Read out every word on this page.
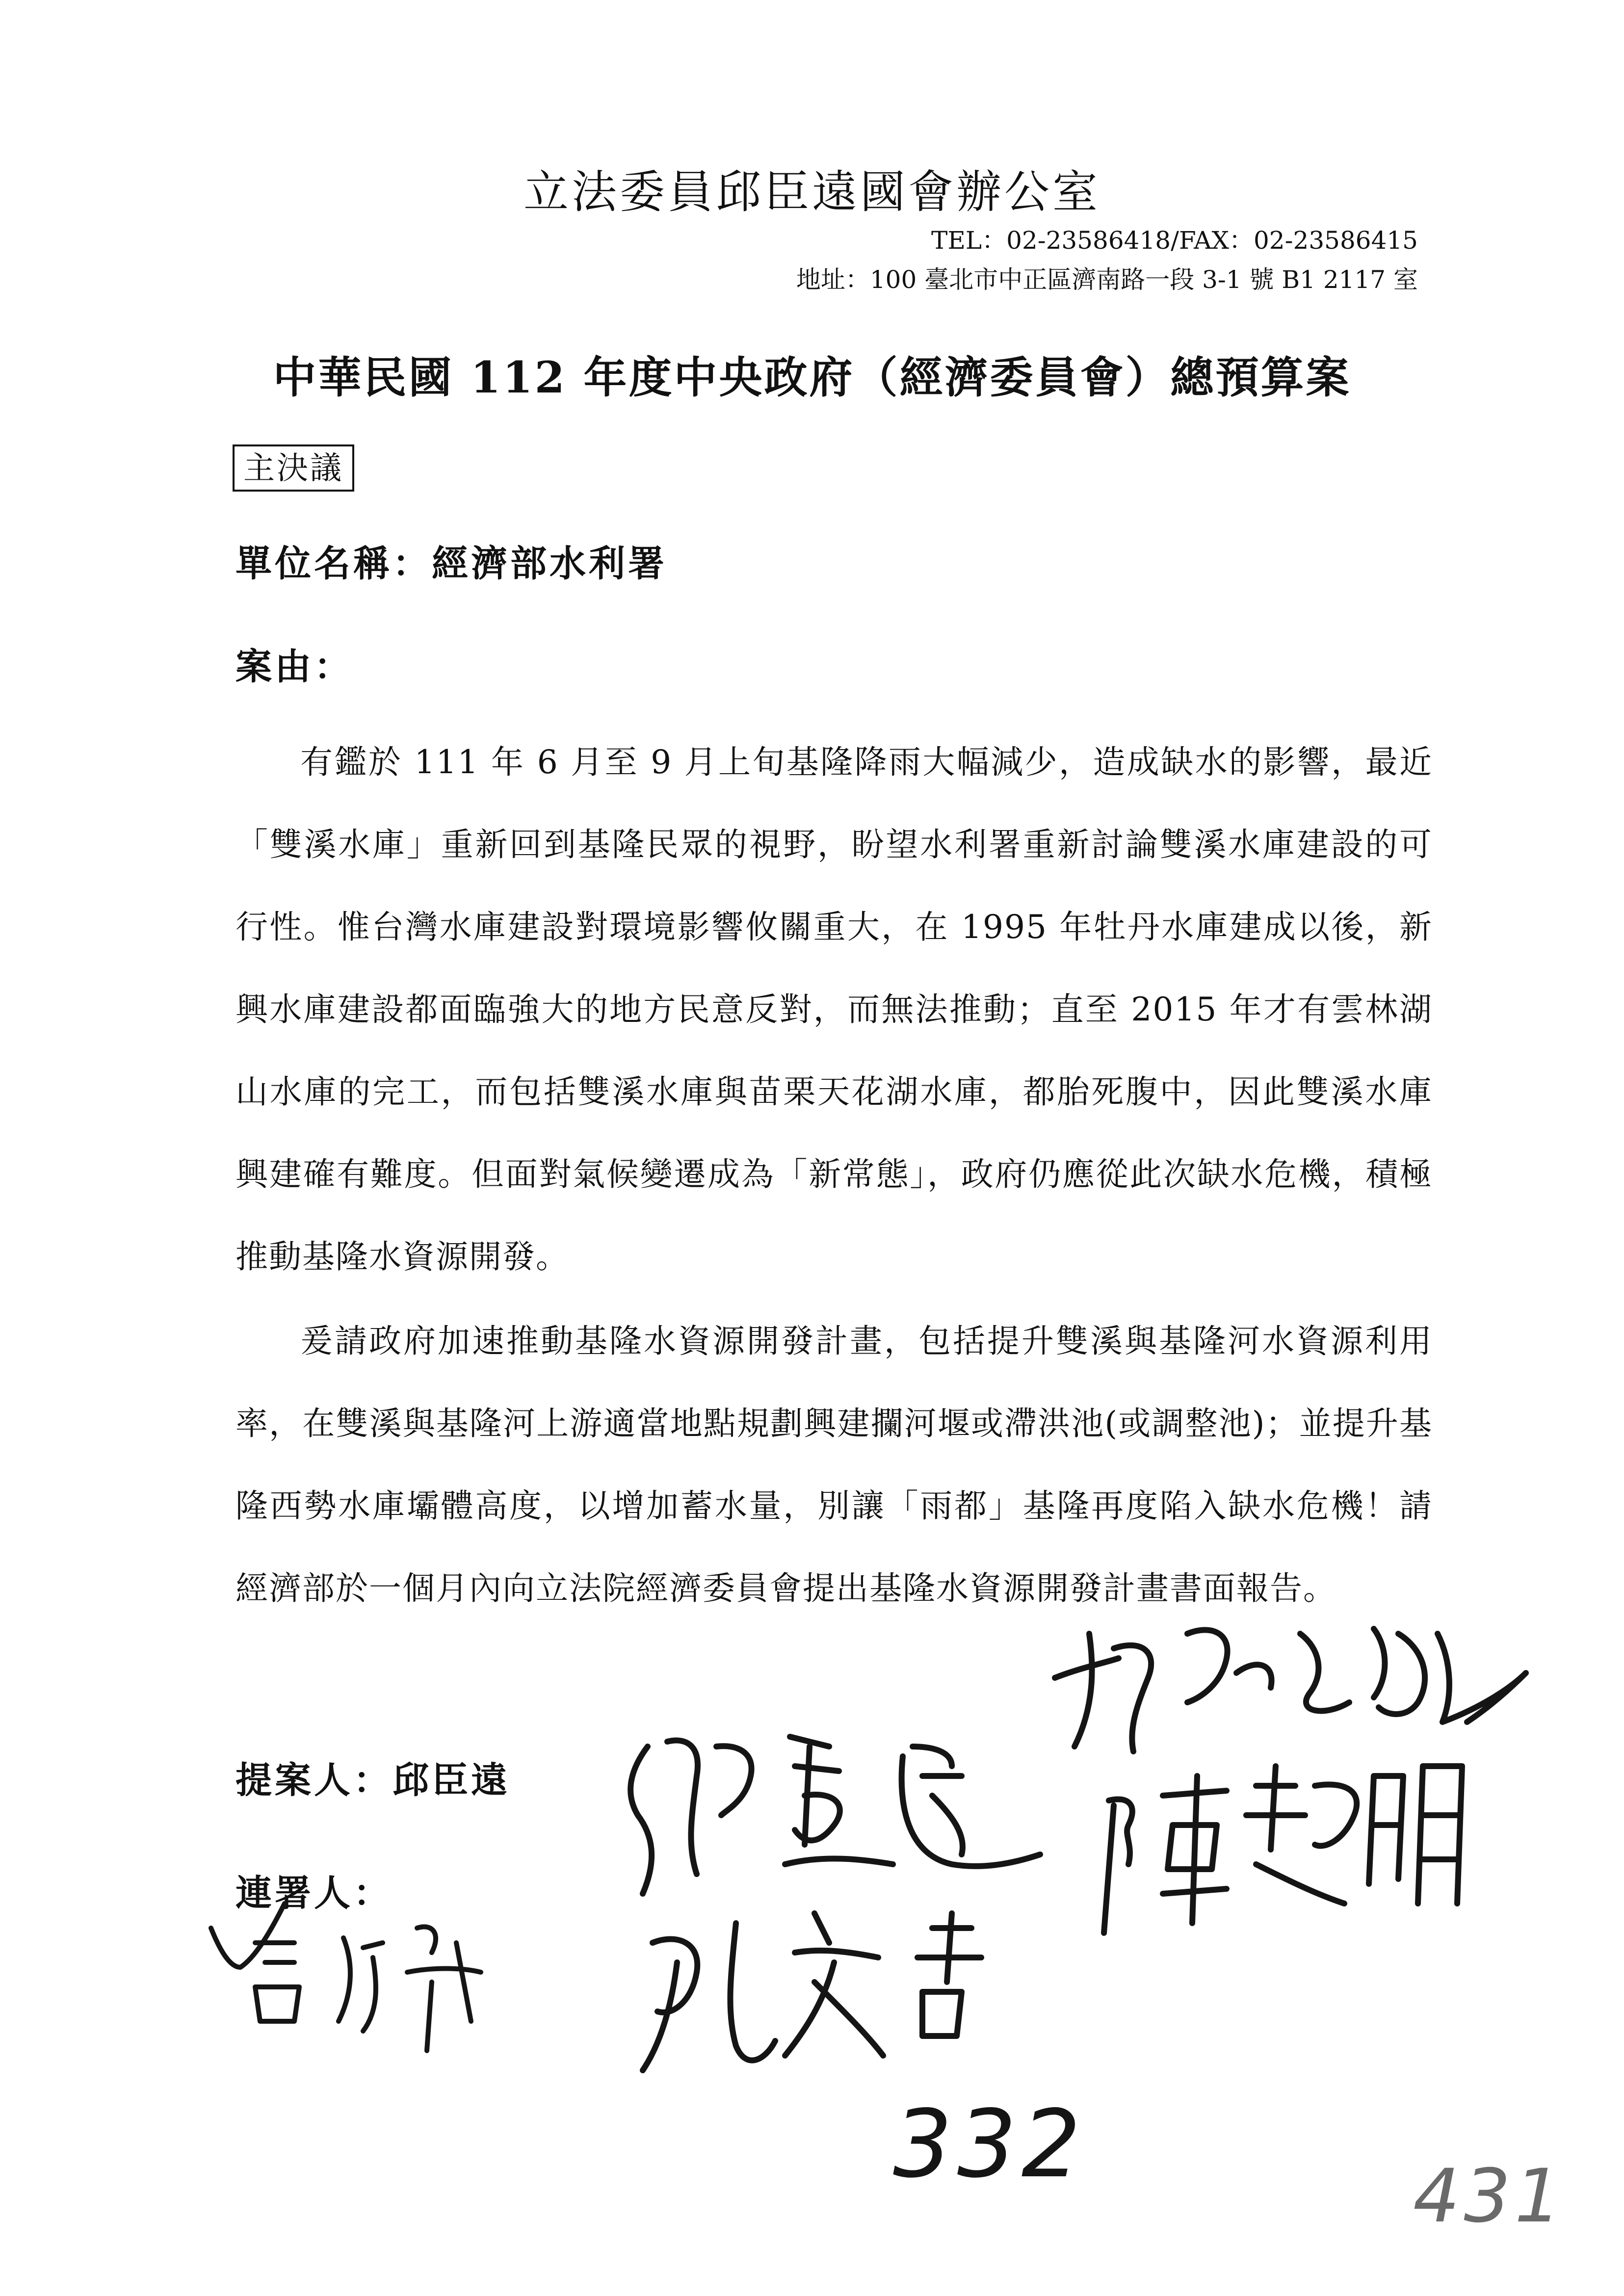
立法委員邱臣遠國會辦公室
TEL：02-23586418/FAX：02-23586415
地址：100 臺北市中正區濟南路一段 3-1 號 B1 2117 室
中華民國 112 年度中央政府（經濟委員會）總預算案
主決議
單位名稱：經濟部水利署
案由：
有鑑於 111 年 6 月至 9 月上旬基隆降雨大幅減少，造成缺水的影響，最近「雙溪水庫」重新回到基隆民眾的視野，盼望水利署重新討論雙溪水庫建設的可行性。惟台灣水庫建設對環境影響攸關重大，在 1995 年牡丹水庫建成以後，新興水庫建設都面臨強大的地方民意反對，而無法推動；直至 2015 年才有雲林湖山水庫的完工，而包括雙溪水庫與苗栗天花湖水庫，都胎死腹中，因此雙溪水庫興建確有難度。但面對氣候變遷成為「新常態」，政府仍應從此次缺水危機，積極推動基隆水資源開發。
爰請政府加速推動基隆水資源開發計畫，包括提升雙溪與基隆河水資源利用率，在雙溪與基隆河上游適當地點規劃興建攔河堰或滯洪池(或調整池)；並提升基隆西勢水庫壩體高度，以增加蓄水量，別讓「雨都」基隆再度陷入缺水危機！請經濟部於一個月內向立法院經濟委員會提出基隆水資源開發計畫書面報告。
提案人：邱臣遠
連署人：
332	431
